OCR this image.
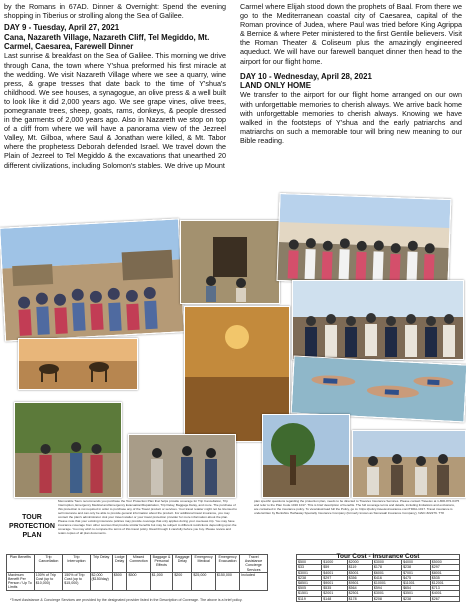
by the Romans in 67AD. Dinner & Overnight: Spend the evening shopping in Tiberius or strolling along the Sea of Galilee.

DAY 9 - Tuesday, April 27, 2021
Cana, Nazareth Village, Nazareth Cliff, Tel Megiddo, Mt. Carmel, Caesarea, Farewell Dinner

Last sunrise & breakfast on the Sea of Galilee. This morning we drive through Cana, the town where Y'shua preformed his first miracle at the wedding. We visit Nazareth Village where we see a quarry, wine press, & grape tresses that date back to the time of Y'shua's childhood. We see houses, a synagogue, an olive press & a well built to look like it did 2,000 years ago. We see grape vines, olive trees, pomegranate trees, sheep, goats, rams, donkeys, & people dressed in the garments of 2,000 years ago. Also in Nazareth we stop on top of a cliff from where we will have a panorama view of the Jezreel Valley, Mt. Gilboa, where Saul & Jonathan were killed, & Mt. Tabor where the prophetess Deborah defended Israel. We travel down the Plain of Jezreel to Tel Megiddo & the excavations that unearthed 20 different civilizations, including Solomon's stables. We drive up Mount

Carmel where Elijah stood down the prophets of Baal. From there we go to the Mediterranean coastal city of Caesarea, capital of the Roman province of Judea, where Paul was tried before King Agrippa & Bernice & where Peter ministered to the first Gentile believers. Visit the Roman Theater & Coliseum plus the amazingly engineered aqueduct. We will have our farewell banquet dinner then head to the airport for our flight home.

DAY 10 - Wednesday, April 28, 2021
LAND ONLY HOME

We transfer to the airport for our flight home arranged on our own with unforgettable memories to cherish always. We arrive back home with unforgettable memories to cherish always. Knowing we have walked in the footsteps of Y'shua and the early patriarchs and matriarchs on such a memorable tour will bring new meaning to our Bible reading.

TOUR PROTECTION PLAN
Memorable Tours recommends you purchase the Tour Protection Plan that helps provide coverage for Trip Cancellation, Trip Interruption, Emergency Medical and Emergency Evacuation/Repatriation, Trip Delay, Baggage Delay, and more. The purchase of this protection is not required in order to purchase any of the Travel product or services. Your travel retailer might not be licensed to sell insurance and can only be able to provide general information about the product. For additional travel insurance, you may contact the plan's administrator. Ask your travel retailer or your travel protection provider for more information about the plan. Please note that your existing insurance policies may provide coverage that only applies during your overseas trip. You may have insurance coverage from other sources that provide similar benefits but may be subject to different restrictions depending upon the coverage. You may wish to compare the terms of this travel policy. Read through it carefully before you buy. Please review and retain copies of all plan documents.
plan specific questions regarding the protection plan, needs to be directed to Travelex Insurance Services. Please contact Travelex at 1-800-872-0475 and refer to the Plan Code 1016 1017. This is brief description of benefits. The full coverage terms and details, including limitations and exclusions, are contained in the insurance policy. To view/download full the Policy, go to: https://policy.travelexinsurance.com/TI00A-1017. Travel insurance is underwritten by Berkshire Hathaway Specialty Insurance Company (formerly known as Stonewall Insurance Company), NAIC #22276. T78
Plan Benefits	Trip Cancellation	Trip Interruption	Trip Delay	Lodge Delay	Missed Connection	Baggage & Personal Effects	Baggage Delay	Emergency Medical	Emergency Evacuation	Travel Assistance Concierge Services
Maximum Benefit Per Person / Up To Limits	100% of Trip Cost (up to $10,000)	150% of Trip Cost (up to $15,000)	$2,000 ($150/day)	$500	$500	$1,000	$200	$25,000	$150,000	Included
Tour Cost - Insurance Cost					
$500	$1000	$2000	$3000	$4000	$5000
$33	$59	$119	$178	$238	$297
$3001	$4001	$5001	$6001	$7001	$8001
$238	$297	$356	$416	$475	$535
$8501	$9001	$9501	$10001	$11001	$12001
$505	$535	$564	$594	$654	$713
$1501	$2001	$2501	$3001	$3501	$4001
$119	$148	$178	$208	$238	$267
*Travel Assistance & Concierge Services are provided by the designated provider listed in the Description of Coverage. The above is a brief policy.
